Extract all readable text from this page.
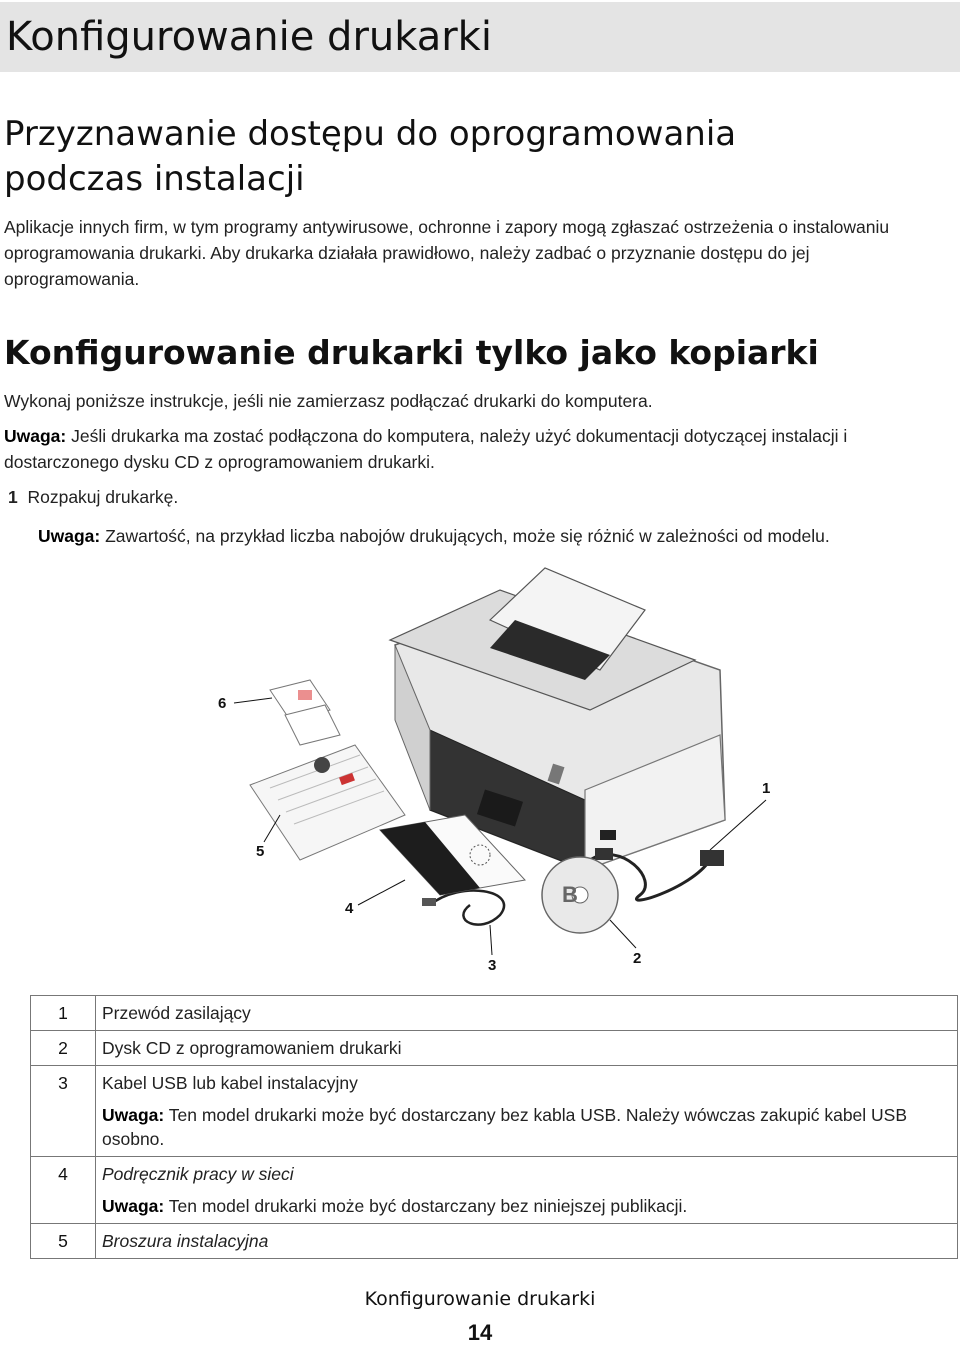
Konfigurowanie drukarki
Przyznawanie dostępu do oprogramowania
podczas instalacji

Aplikacje innych firm, w tym programy antywirusowe, ochronne i zapory mogą zgłaszać ostrzeżenia o instalowaniu oprogramowania drukarki. Aby drukarka działała prawidłowo, należy zadbać o przyznanie dostępu do jej oprogramowania.

Konfigurowanie drukarki tylko jako kopiarki

Wykonaj poniższe instrukcje, jeśli nie zamierzasz podłączać drukarki do komputera.

Uwaga: Jeśli drukarka ma zostać podłączona do komputera, należy użyć dokumentacji dotyczącej instalacji i dostarczonego dysku CD z oprogramowaniem drukarki.

1 Rozpakuj drukarkę.

Uwaga: Zawartość, na przykład liczba nabojów drukujących, może się różnić w zależności od modelu.

1
B
2
3
4
5
6
1	Przewód zasilający
2	Dysk CD z oprogramowaniem drukarki
3	Kabel USB lub kabel instalacyjny
Uwaga: Ten model drukarki może być dostarczany bez kabla USB. Należy wówczas zakupić kabel USB osobno.

4	Podręcznik pracy w sieci
Uwaga: Ten model drukarki może być dostarczany bez niniejszej publikacji.

5	Broszura instalacyjna
Konfigurowanie drukarki
14
